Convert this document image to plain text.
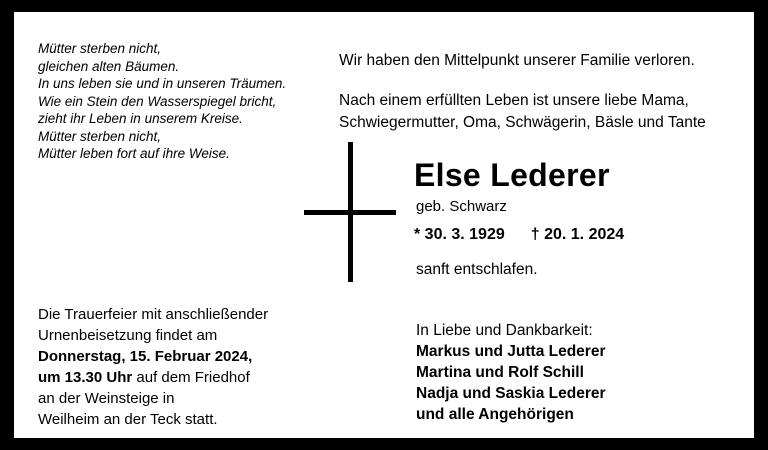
Mütter sterben nicht,
gleichen alten Bäumen.
In uns leben sie und in unseren Träumen.
Wie ein Stein den Wasserspiegel bricht,
zieht ihr Leben in unserem Kreise.
Mütter sterben nicht,
Mütter leben fort auf ihre Weise.
Die Trauerfeier mit anschließender
Urnenbeisetzung findet am
Donnerstag, 15. Februar 2024,
um 13.30 Uhr auf dem Friedhof
an der Weinsteige in
Weilheim an der Teck statt.
Wir haben den Mittelpunkt unserer Familie verloren.
Nach einem erfüllten Leben ist unsere liebe Mama,
Schwiegermutter, Oma, Schwägerin, Bäsle und Tante
Else Lederer
geb. Schwarz
* 30. 3. 1929 † 20. 1. 2024
sanft entschlafen.
In Liebe und Dankbarkeit:
Markus und Jutta Lederer
Martina und Rolf Schill
Nadja und Saskia Lederer
und alle Angehörigen
